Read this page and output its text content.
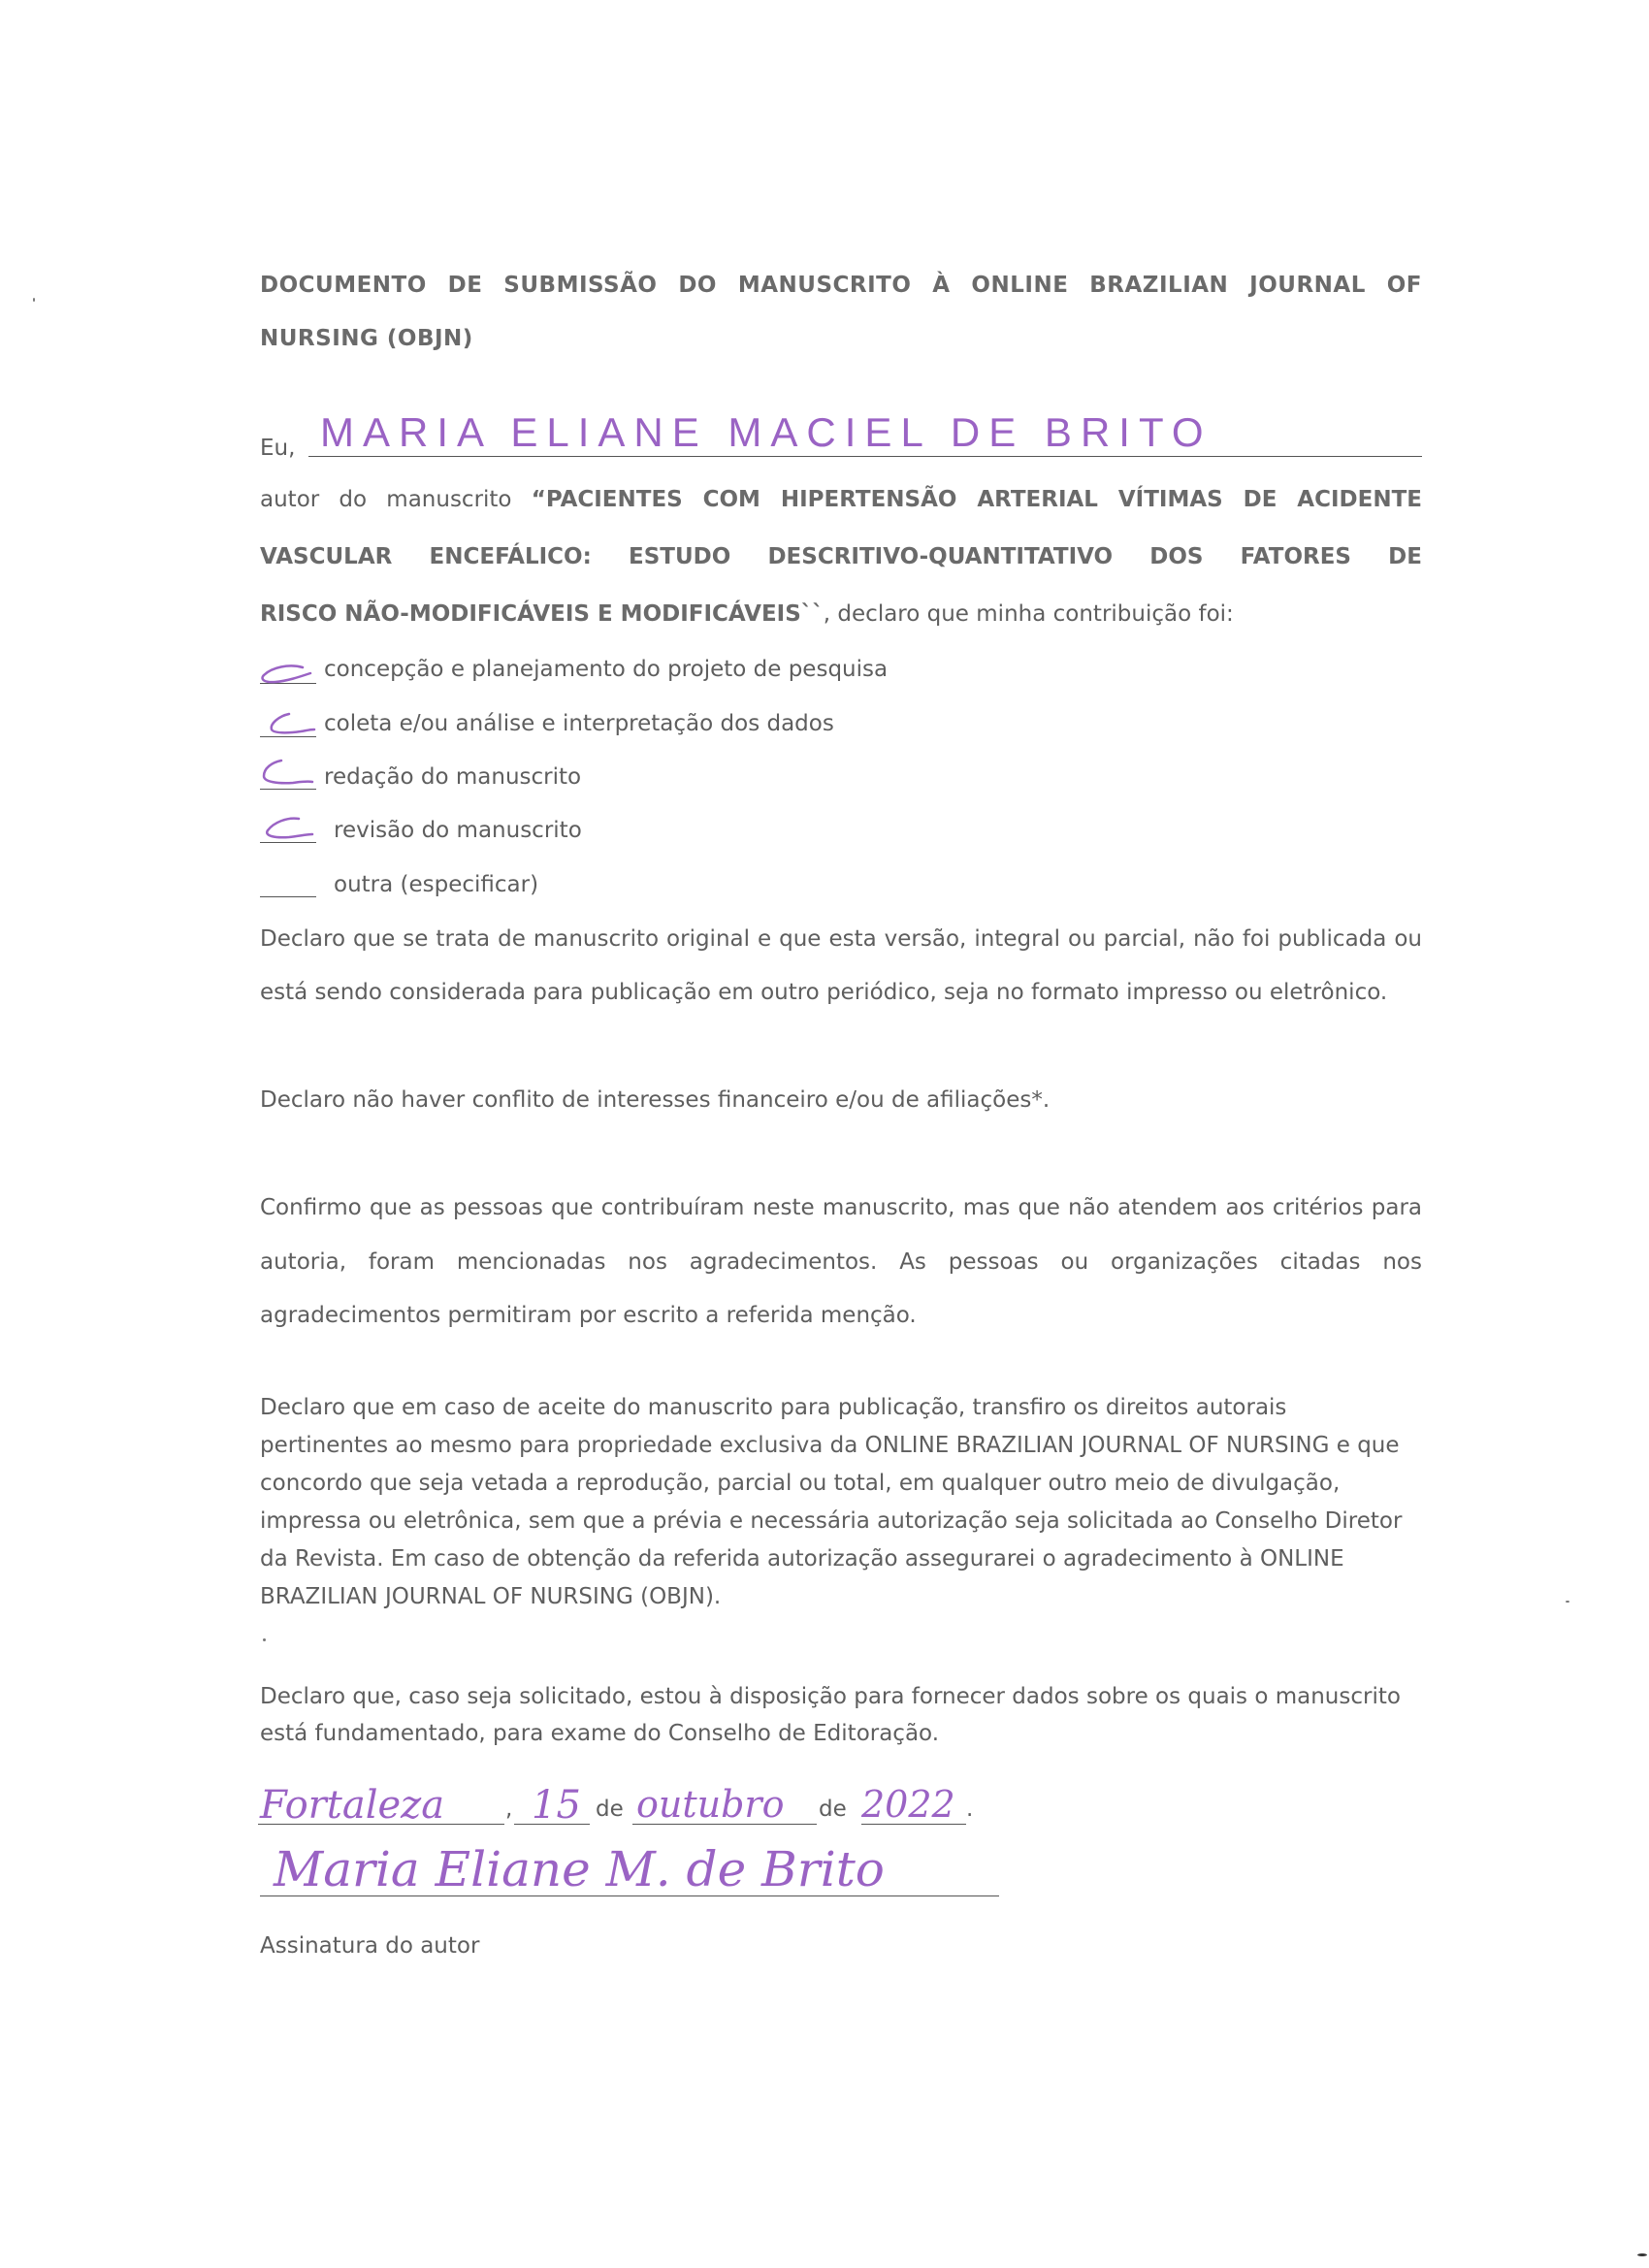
DOCUMENTO DE SUBMISSÃO DO MANUSCRITO À ONLINE BRAZILIAN JOURNAL OF
NURSING (OBJN)
Eu, MARIA ELIANE MACIEL DE BRITO
autor do manuscrito “PACIENTES COM HIPERTENSÃO ARTERIAL VÍTIMAS DE ACIDENTE
VASCULAR ENCEFÁLICO: ESTUDO DESCRITIVO-QUANTITATIVO DOS FATORES DE
RISCO NÃO-MODIFICÁVEIS E MODIFICÁVEIS``, declaro que minha contribuição foi:
concepção e planejamento do projeto de pesquisa
coleta e/ou análise e interpretação dos dados
redação do manuscrito
revisão do manuscrito
outra (especificar)
Declaro que se trata de manuscrito original e que esta versão, integral ou parcial, não foi publicada ou
está sendo considerada para publicação em outro periódico, seja no formato impresso ou eletrônico.
Declaro não haver conflito de interesses financeiro e/ou de afiliações*.
Confirmo que as pessoas que contribuíram neste manuscrito, mas que não atendem aos critérios para
autoria, foram mencionadas nos agradecimentos. As pessoas ou organizações citadas nos
agradecimentos permitiram por escrito a referida menção.
Declaro que em caso de aceite do manuscrito para publicação, transfiro os direitos autorais
pertinentes ao mesmo para propriedade exclusiva da ONLINE BRAZILIAN JOURNAL OF NURSING e que
concordo que seja vetada a reprodução, parcial ou total, em qualquer outro meio de divulgação,
impressa ou eletrônica, sem que a prévia e necessária autorização seja solicitada ao Conselho Diretor
da Revista. Em caso de obtenção da referida autorização assegurarei o agradecimento à ONLINE
BRAZILIAN JOURNAL OF NURSING (OBJN).
Declaro que, caso seja solicitado, estou à disposição para fornecer dados sobre os quais o manuscrito
está fundamentado, para exame do Conselho de Editoração.
Fortaleza	, 15 de outubro de 2022 .
Maria Eliane M. de Brito
Assinatura do autor
